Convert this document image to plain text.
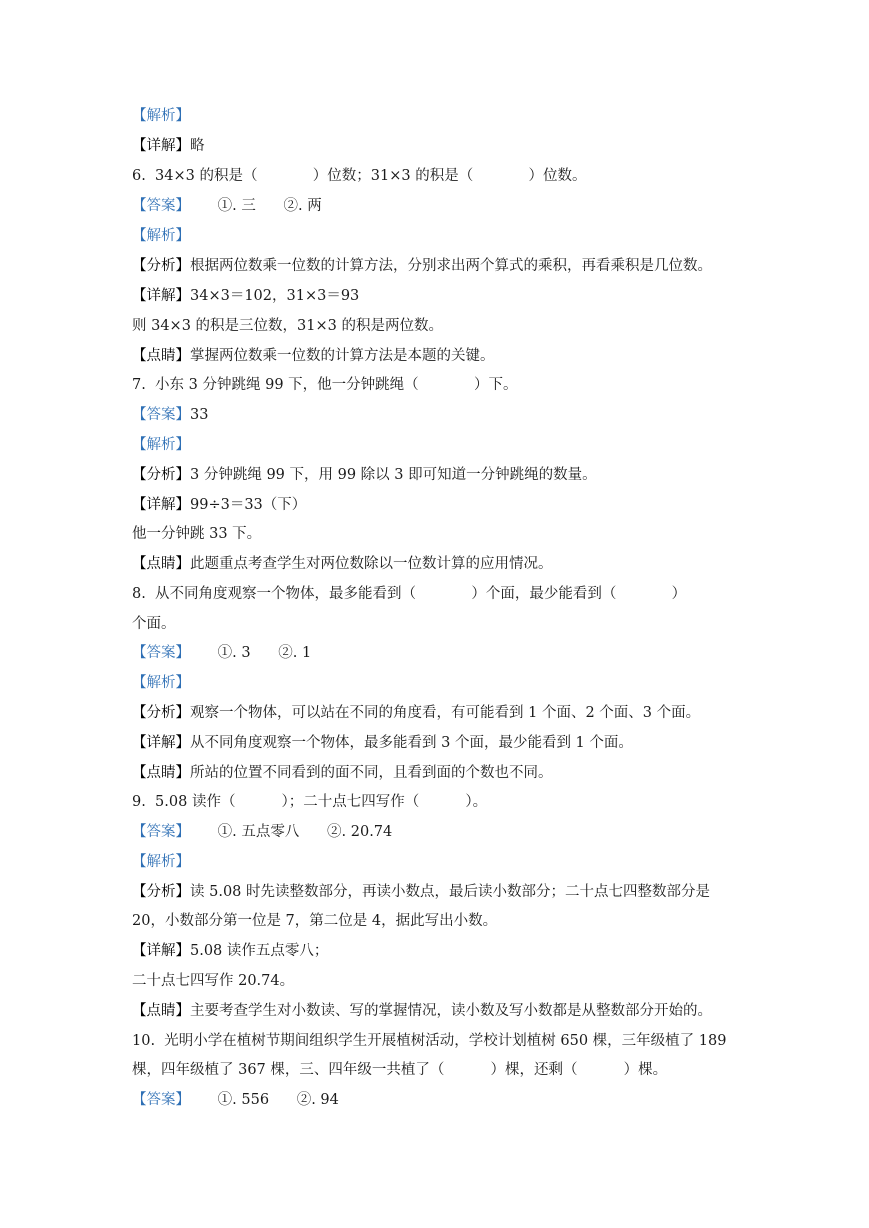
【解析】
【详解】略
6.  34×3 的积是（            ）位数；31×3 的积是（            ）位数。
【答案】      ①. 三      ②. 两
【解析】
【分析】根据两位数乘一位数的计算方法，分别求出两个算式的乘积，再看乘积是几位数。
【详解】34×3＝102，31×3＝93
则 34×3 的积是三位数，31×3 的积是两位数。
【点睛】掌握两位数乘一位数的计算方法是本题的关键。
7.  小东 3 分钟跳绳 99 下，他一分钟跳绳（            ）下。
【答案】33
【解析】
【分析】3 分钟跳绳 99 下，用 99 除以 3 即可知道一分钟跳绳的数量。
【详解】99÷3＝33（下）
他一分钟跳 33 下。
【点睛】此题重点考查学生对两位数除以一位数计算的应用情况。
8.  从不同角度观察一个物体，最多能看到（            ）个面，最少能看到（            ）
个面。
【答案】      ①. 3      ②. 1
【解析】
【分析】观察一个物体，可以站在不同的角度看，有可能看到 1 个面、2 个面、3 个面。
【详解】从不同角度观察一个物体，最多能看到 3 个面，最少能看到 1 个面。
【点睛】所站的位置不同看到的面不同，且看到面的个数也不同。
9.  5.08 读作（          ）；二十点七四写作（          ）。
【答案】      ①. 五点零八      ②. 20.74
【解析】
【分析】读 5.08 时先读整数部分，再读小数点，最后读小数部分；二十点七四整数部分是
20，小数部分第一位是 7，第二位是 4，据此写出小数。
【详解】5.08 读作五点零八；
二十点七四写作 20.74。
【点睛】主要考查学生对小数读、写的掌握情况，读小数及写小数都是从整数部分开始的。
10.  光明小学在植树节期间组织学生开展植树活动，学校计划植树 650 棵，三年级植了 189
棵，四年级植了 367 棵，三、四年级一共植了（          ）棵，还剩（          ）棵。
【答案】      ①. 556      ②. 94
